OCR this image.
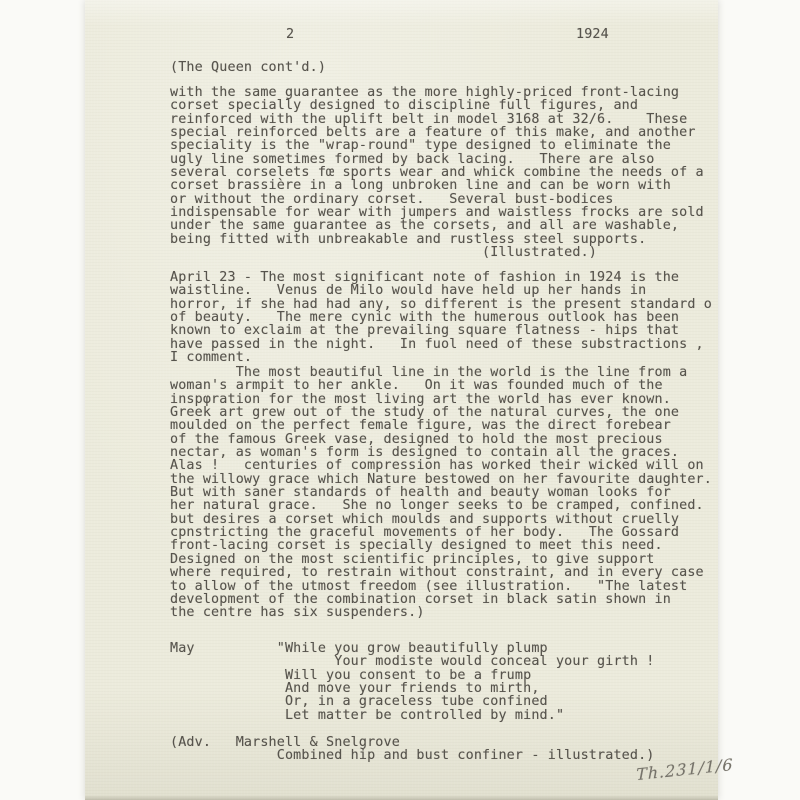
2	1924
(The Queen cont'd.)
with the same guarantee as the more highly-priced front-lacing
corset specially designed to discipline full figures, and
reinforced with the uplift belt in model 3168 at 32/6.    These
special reinforced belts are a feature of this make, and another
speciality is the "wrap-round" type designed to eliminate the
ugly line sometimes formed by back lacing.   There are also
several corselets fœ sports wear and whick combine the needs of a
corset brassière in a long unbroken line and can be worn with
or without the ordinary corset.   Several bust-bodices
indispensable for wear with jumpers and waistless frocks are sold
under the same guarantee as the corsets, and all are washable,
being fitted with unbreakable and rustless steel supports.
(Illustrated.)
April 23 - The most significant note of fashion in 1924 is the
waistline.   Venus de Milo would have held up her hands in
horror, if she had had any, so different is the present standard o
of beauty.   The mere cynic with the humerous outlook has been
known to exclaim at the prevailing square flatness - hips that
have passed in the night.   In fuol need of these substractions ,
I comment.
The most beautiful line in the world is the line from a
woman's armpit to her ankle.   On it was founded much of the
inspφration for the most living art the world has ever known.
Greek art grew out of the study of the natural curves, the one
moulded on the perfect female figure, was the direct forebear
of the famous Greek vase, designed to hold the most precious
nectar, as woman's form is designed to contain all the graces.
Alas !   centuries of compression has worked their wicked will on
the willowy grace which Nature bestowed on her favourite daughter.
But with saner standards of health and beauty woman looks for
her natural grace.   She no longer seeks to be cramped, confined.
but desires a corset which moulds and supports without cruelly
cpnstricting the graceful movements of her body.   The Gossard
front-lacing corset is specially designed to meet this need.
Designed on the most scientific principles, to give support
where required, to restrain without constraint, and in every case
to allow of the utmost freedom (see illustration.   "The latest
development of the combination corset in black satin shown in
the centre has six suspenders.)
May          "While you grow beautifully plump
Your modiste would conceal your girth !
Will you consent to be a frump
And move your friends to mirth,
Or, in a graceless tube confined
Let matter be controlled by mind."
(Adv.   Marshell & Snelgrove
Combined hip and bust confiner - illustrated.)
Th.231/1/6
